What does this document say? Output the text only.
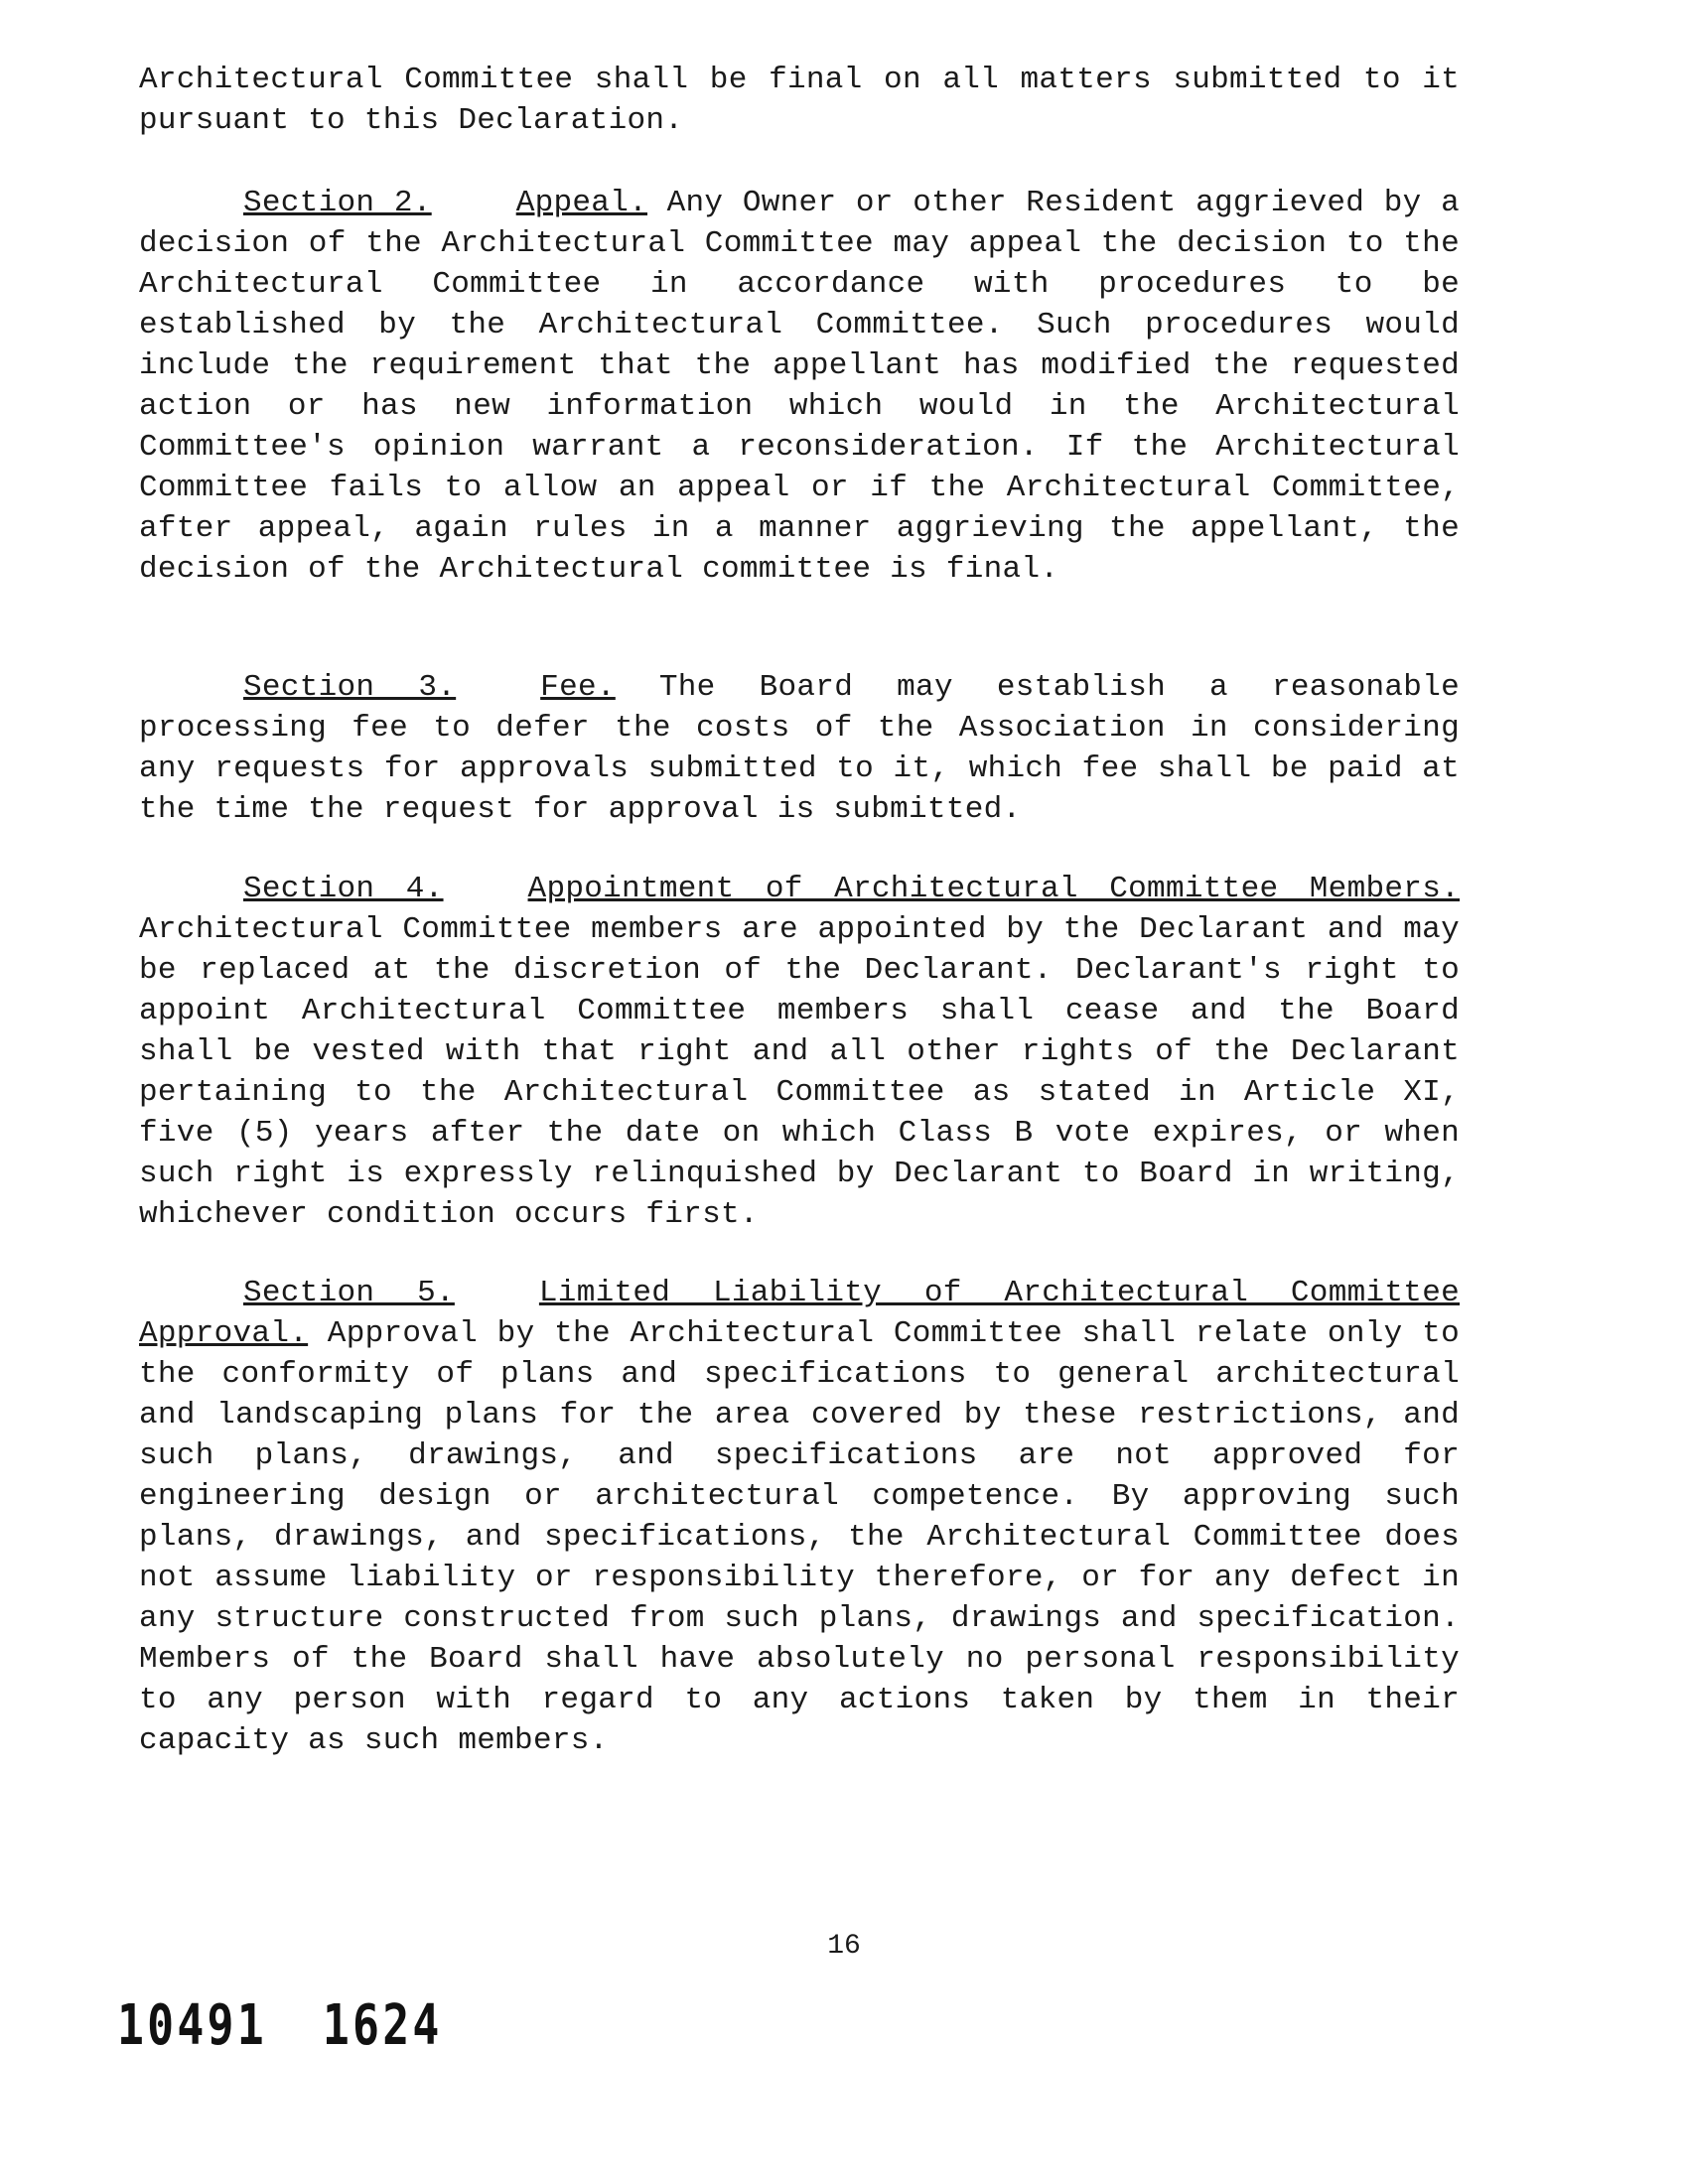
Architectural Committee shall be final on all matters submitted to it pursuant to this Declaration.

Section 2.	Appeal. Any Owner or other Resident aggrieved by a decision of the Architectural Committee may appeal the decision to the Architectural Committee in accordance with procedures to be established by the Architectural Committee. Such procedures would include the requirement that the appellant has modified the requested action or has new information which would in the Architectural Committee's opinion warrant a reconsideration. If the Architectural Committee fails to allow an appeal or if the Architectural Committee, after appeal, again rules in a manner aggrieving the appellant, the decision of the Architectural committee is final.

Section 3.	Fee. The Board may establish a reasonable processing fee to defer the costs of the Association in considering any requests for approvals submitted to it, which fee shall be paid at the time the request for approval is submitted.

Section 4.	Appointment of Architectural Committee Members. Architectural Committee members are appointed by the Declarant and may be replaced at the discretion of the Declarant. Declarant's right to appoint Architectural Committee members shall cease and the Board shall be vested with that right and all other rights of the Declarant pertaining to the Architectural Committee as stated in Article XI, five (5) years after the date on which Class B vote expires, or when such right is expressly relinquished by Declarant to Board in writing, whichever condition occurs first.

Section 5.	Limited Liability of Architectural Committee Approval. Approval by the Architectural Committee shall relate only to the conformity of plans and specifications to general architectural and landscaping plans for the area covered by these restrictions, and such plans, drawings, and specifications are not approved for engineering design or architectural competence. By approving such plans, drawings, and specifications, the Architectural Committee does not assume liability or responsibility therefore, or for any defect in any structure constructed from such plans, drawings and specification. Members of the Board shall have absolutely no personal responsibility to any person with regard to any actions taken by them in their capacity as such members.

16
10491 1624
